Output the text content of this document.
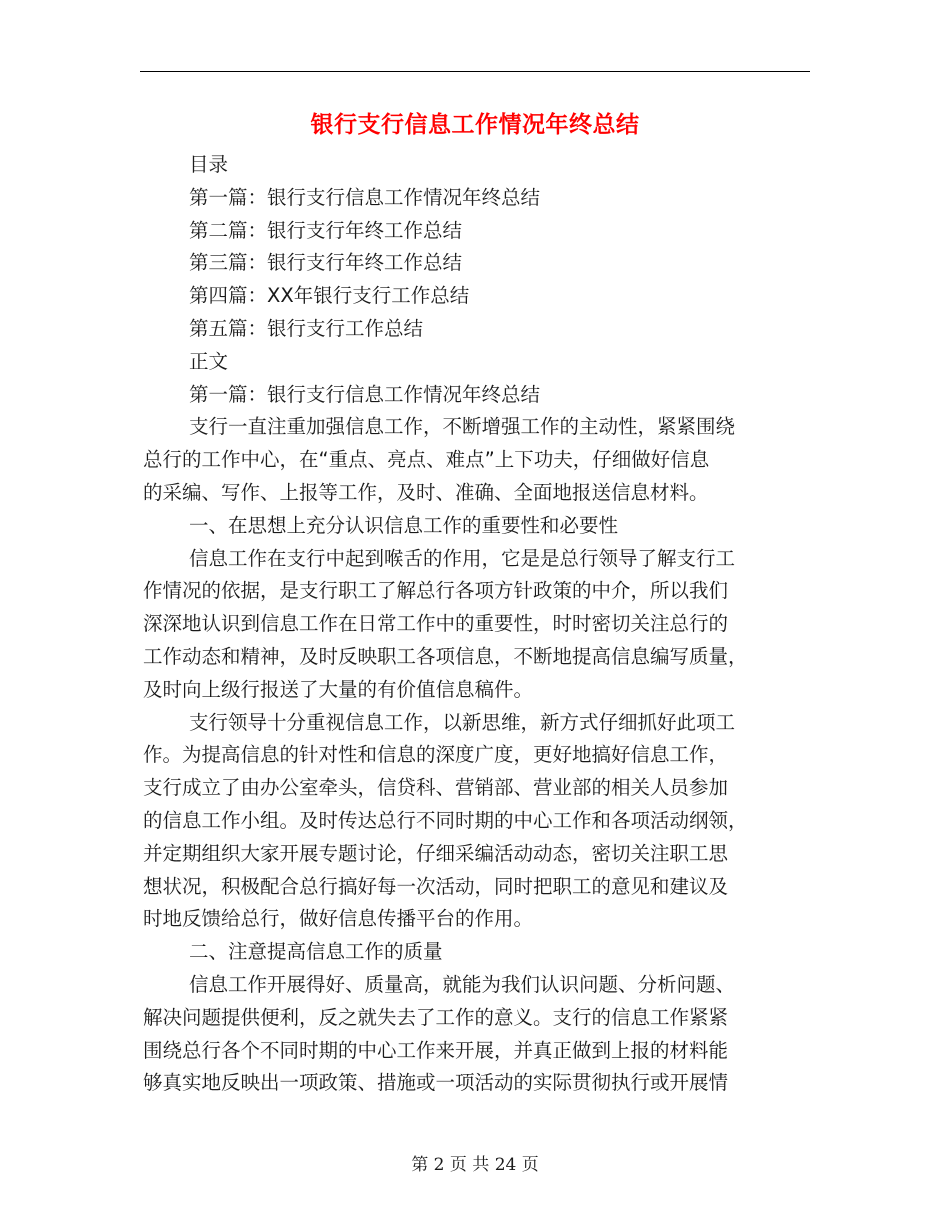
银行支行信息工作情况年终总结
目录
第一篇：银行支行信息工作情况年终总结
第二篇：银行支行年终工作总结
第三篇：银行支行年终工作总结
第四篇：XX年银行支行工作总结
第五篇：银行支行工作总结
正文
第一篇：银行支行信息工作情况年终总结
支行一直注重加强信息工作，不断增强工作的主动性，紧紧围绕
总行的工作中心，在“重点、亮点、难点”上下功夫，仔细做好信息
的采编、写作、上报等工作，及时、准确、全面地报送信息材料。
一、在思想上充分认识信息工作的重要性和必要性
信息工作在支行中起到喉舌的作用，它是是总行领导了解支行工
作情况的依据，是支行职工了解总行各项方针政策的中介，所以我们
深深地认识到信息工作在日常工作中的重要性，时时密切关注总行的
工作动态和精神，及时反映职工各项信息，不断地提高信息编写质量，
及时向上级行报送了大量的有价值信息稿件。
支行领导十分重视信息工作，以新思维，新方式仔细抓好此项工
作。为提高信息的针对性和信息的深度广度，更好地搞好信息工作，
支行成立了由办公室牵头，信贷科、营销部、营业部的相关人员参加
的信息工作小组。及时传达总行不同时期的中心工作和各项活动纲领，
并定期组织大家开展专题讨论，仔细采编活动动态，密切关注职工思
想状况，积极配合总行搞好每一次活动，同时把职工的意见和建议及
时地反馈给总行，做好信息传播平台的作用。
二、注意提高信息工作的质量
信息工作开展得好、质量高，就能为我们认识问题、分析问题、
解决问题提供便利，反之就失去了工作的意义。支行的信息工作紧紧
围绕总行各个不同时期的中心工作来开展，并真正做到上报的材料能
够真实地反映出一项政策、措施或一项活动的实际贯彻执行或开展情
第 2 页 共 24 页
